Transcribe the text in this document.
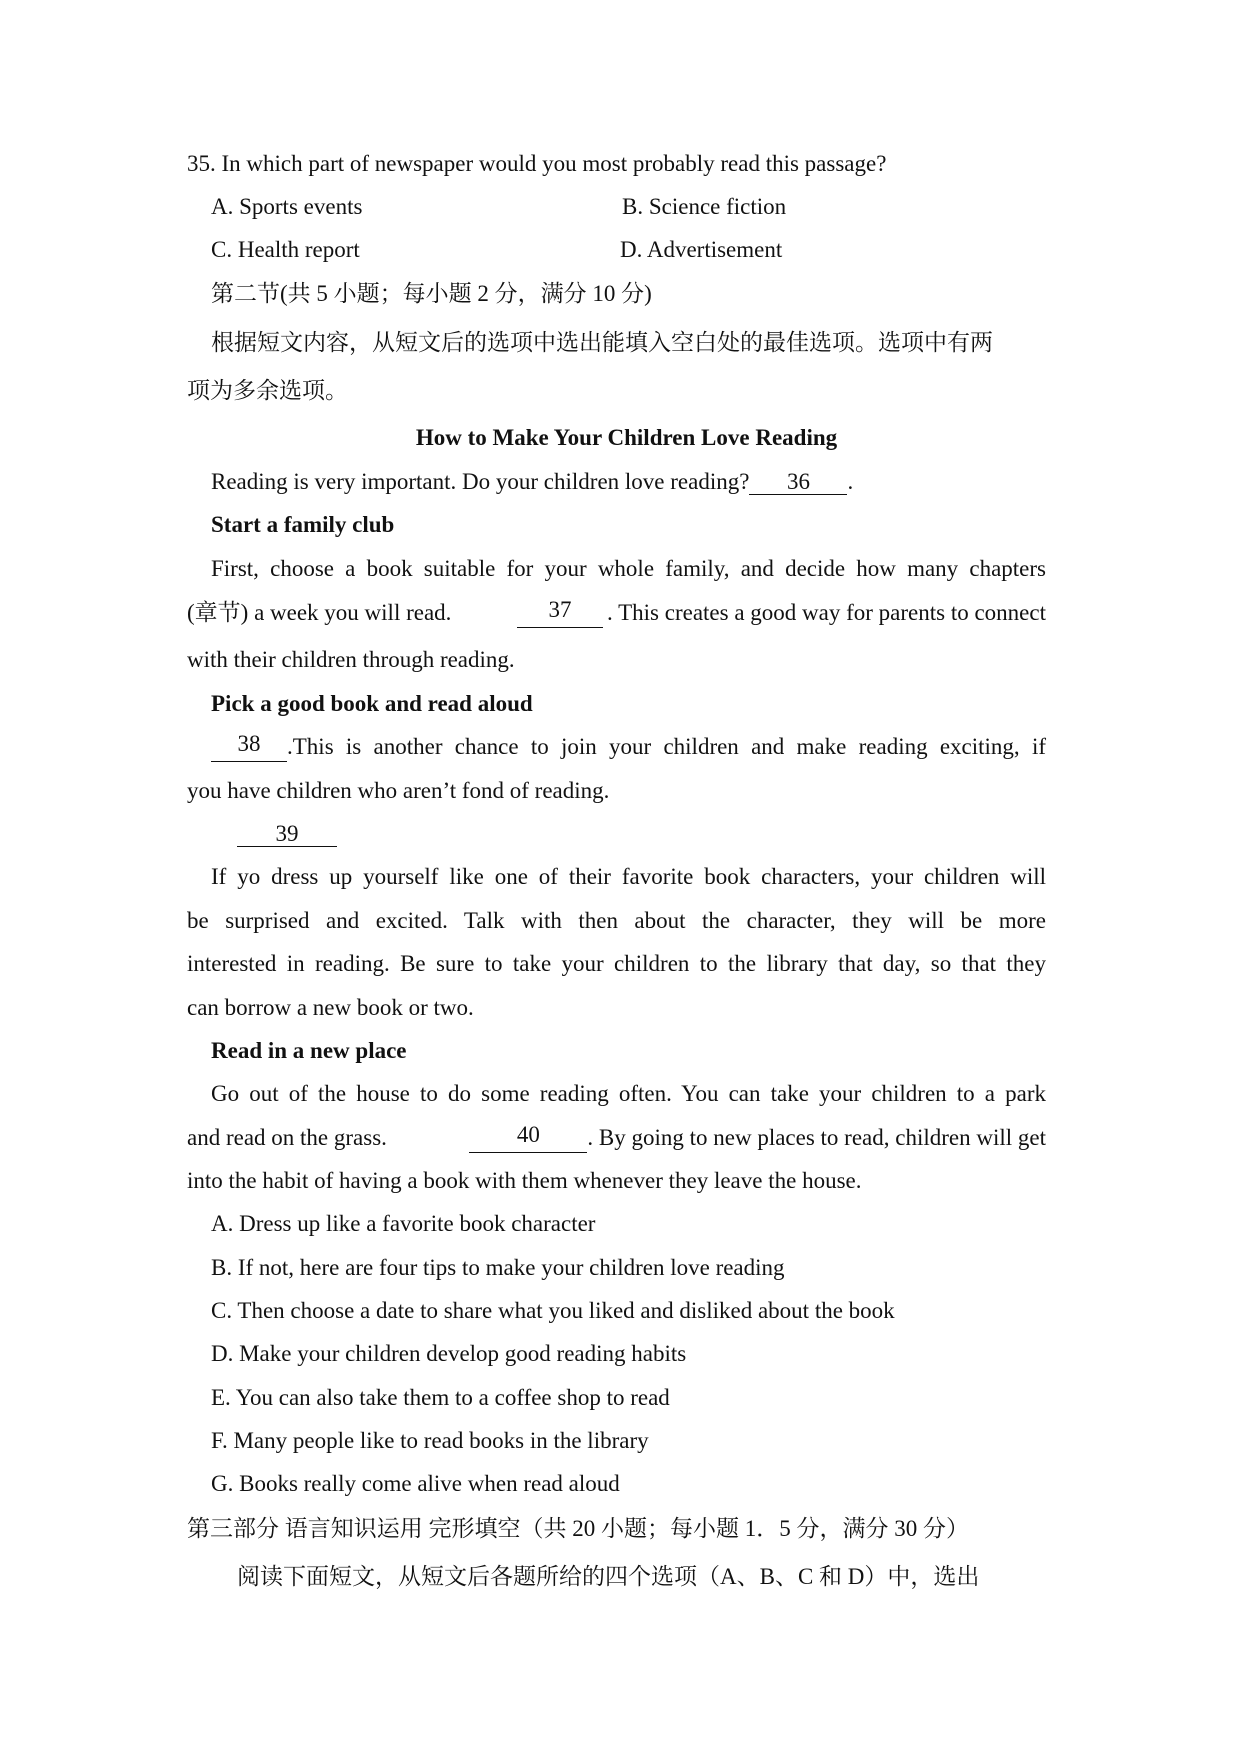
35. In which part of newspaper would you most probably read this passage?
A. Sports events	B. Science fiction
C. Health report	D. Advertisement
第二节(共 5 小题；每小题 2 分，满分 10 分)
根据短文内容，从短文后的选项中选出能填入空白处的最佳选项。选项中有两
项为多余选项。
How to Make Your Children Love Reading
Reading is very important. Do your children love reading? 36 .
Start a family club
First, choose a book suitable for your whole family, and decide how many chapters
(章节) a week you will read.	37	. This creates a good way for parents to connect
with their children through reading.
Pick a good book and read aloud
38	.This is another chance to join your children and make reading exciting, if
you have children who aren’t fond of reading.
39
If yo dress up yourself like one of their favorite book characters, your children will
be surprised and excited. Talk with then about the character, they will be more
interested in reading. Be sure to take your children to the library that day, so that they
can borrow a new book or two.
Read in a new place
Go out of the house to do some reading often. You can take your children to a park
and read on the grass.	40	. By going to new places to read, children will get
into the habit of having a book with them whenever they leave the house.
A. Dress up like a favorite book character
B. If not, here are four tips to make your children love reading
C. Then choose a date to share what you liked and disliked about the book
D. Make your children develop good reading habits
E. You can also take them to a coffee shop to read
F. Many people like to read books in the library
G. Books really come alive when read aloud
第三部分 语言知识运用 完形填空（共 20 小题；每小题 1．5 分，满分 30 分）
阅读下面短文，从短文后各题所给的四个选项（A、B、C 和 D）中，选出
